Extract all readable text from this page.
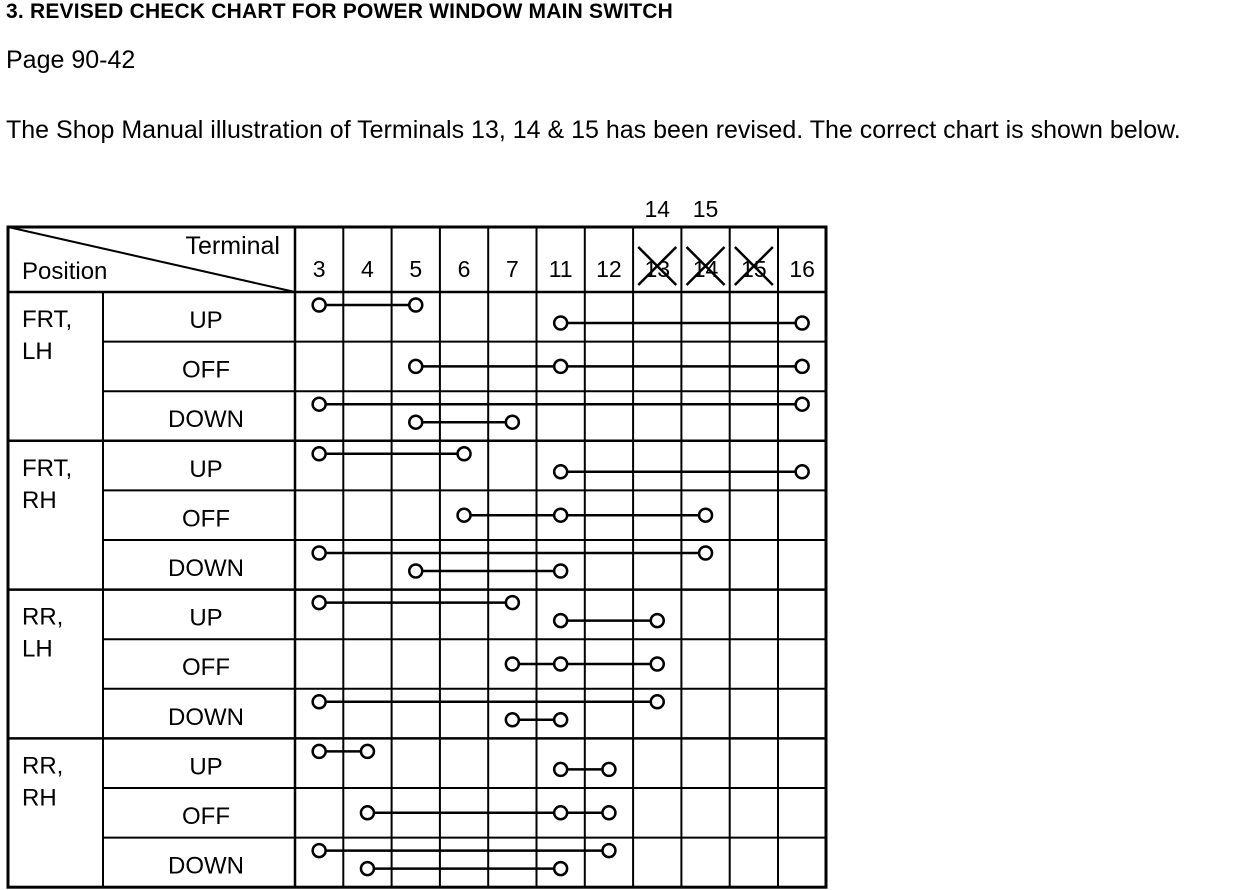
3. REVISED CHECK CHART FOR POWER WINDOW MAIN SWITCH
Page 90-42
The Shop Manual illustration of Terminals 13, 14 & 15 has been revised. The correct chart is shown below.
Terminal
Position	3 4 5 6 7 11 12 13 14 15 16
14 15
FRT,
LH
UP
OFF
DOWN
FRT,
RH
UP
OFF
DOWN
RR,
LH
UP
OFF
DOWN
RR,
RH
UP
OFF
DOWN
